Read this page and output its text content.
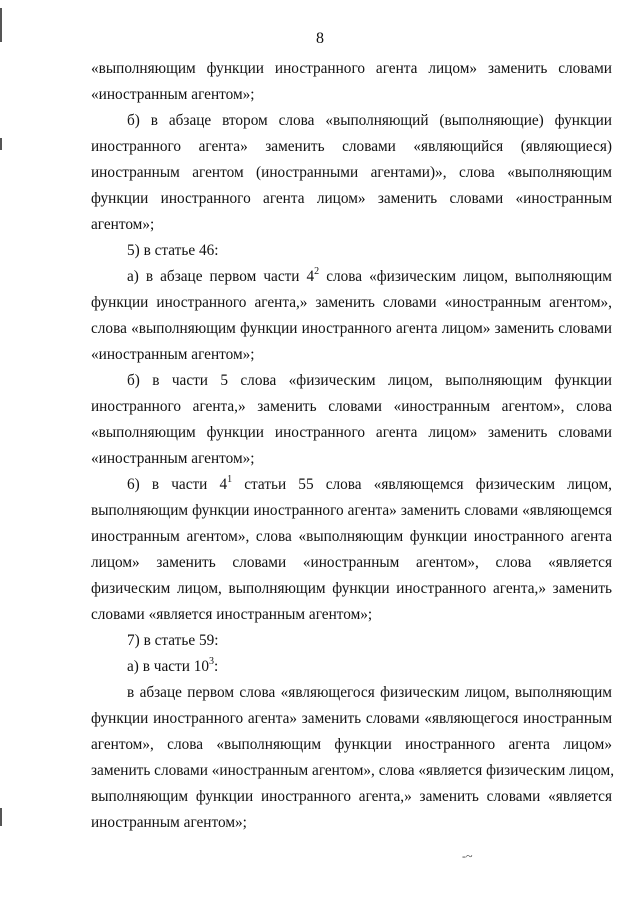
8
«выполняющим функции иностранного агента лицом» заменить словами
«иностранным агентом»;
б) в абзаце втором слова «выполняющий (выполняющие) функции
иностранного агента» заменить словами «являющийся (являющиеся)
иностранным агентом (иностранными агентами)», слова «выполняющим
функции иностранного агента лицом» заменить словами «иностранным
агентом»;
5) в статье 46:
а) в абзаце первом части $4^2$ слова «физическим лицом, выполняющим
функции иностранного агента,» заменить словами «иностранным агентом»,
слова «выполняющим функции иностранного агента лицом» заменить словами
«иностранным агентом»;
б) в части 5 слова «физическим лицом, выполняющим функции
иностранного агента,» заменить словами «иностранным агентом», слова
«выполняющим функции иностранного агента лицом» заменить словами
«иностранным агентом»;
6) в части $4^1$ статьи 55 слова «являющемся физическим лицом,
выполняющим функции иностранного агента» заменить словами «являющемся
иностранным агентом», слова «выполняющим функции иностранного агента
лицом» заменить словами «иностранным агентом», слова «является
физическим лицом, выполняющим функции иностранного агента,» заменить
словами «является иностранным агентом»;
7) в статье 59:
а) в части $10^3$:
в абзаце первом слова «являющегося физическим лицом, выполняющим
функции иностранного агента» заменить словами «являющегося иностранным
агентом», слова «выполняющим функции иностранного агента лицом»
заменить словами «иностранным агентом», слова «является физическим лицом,
выполняющим функции иностранного агента,» заменить словами «является
иностранным агентом»;
-~
